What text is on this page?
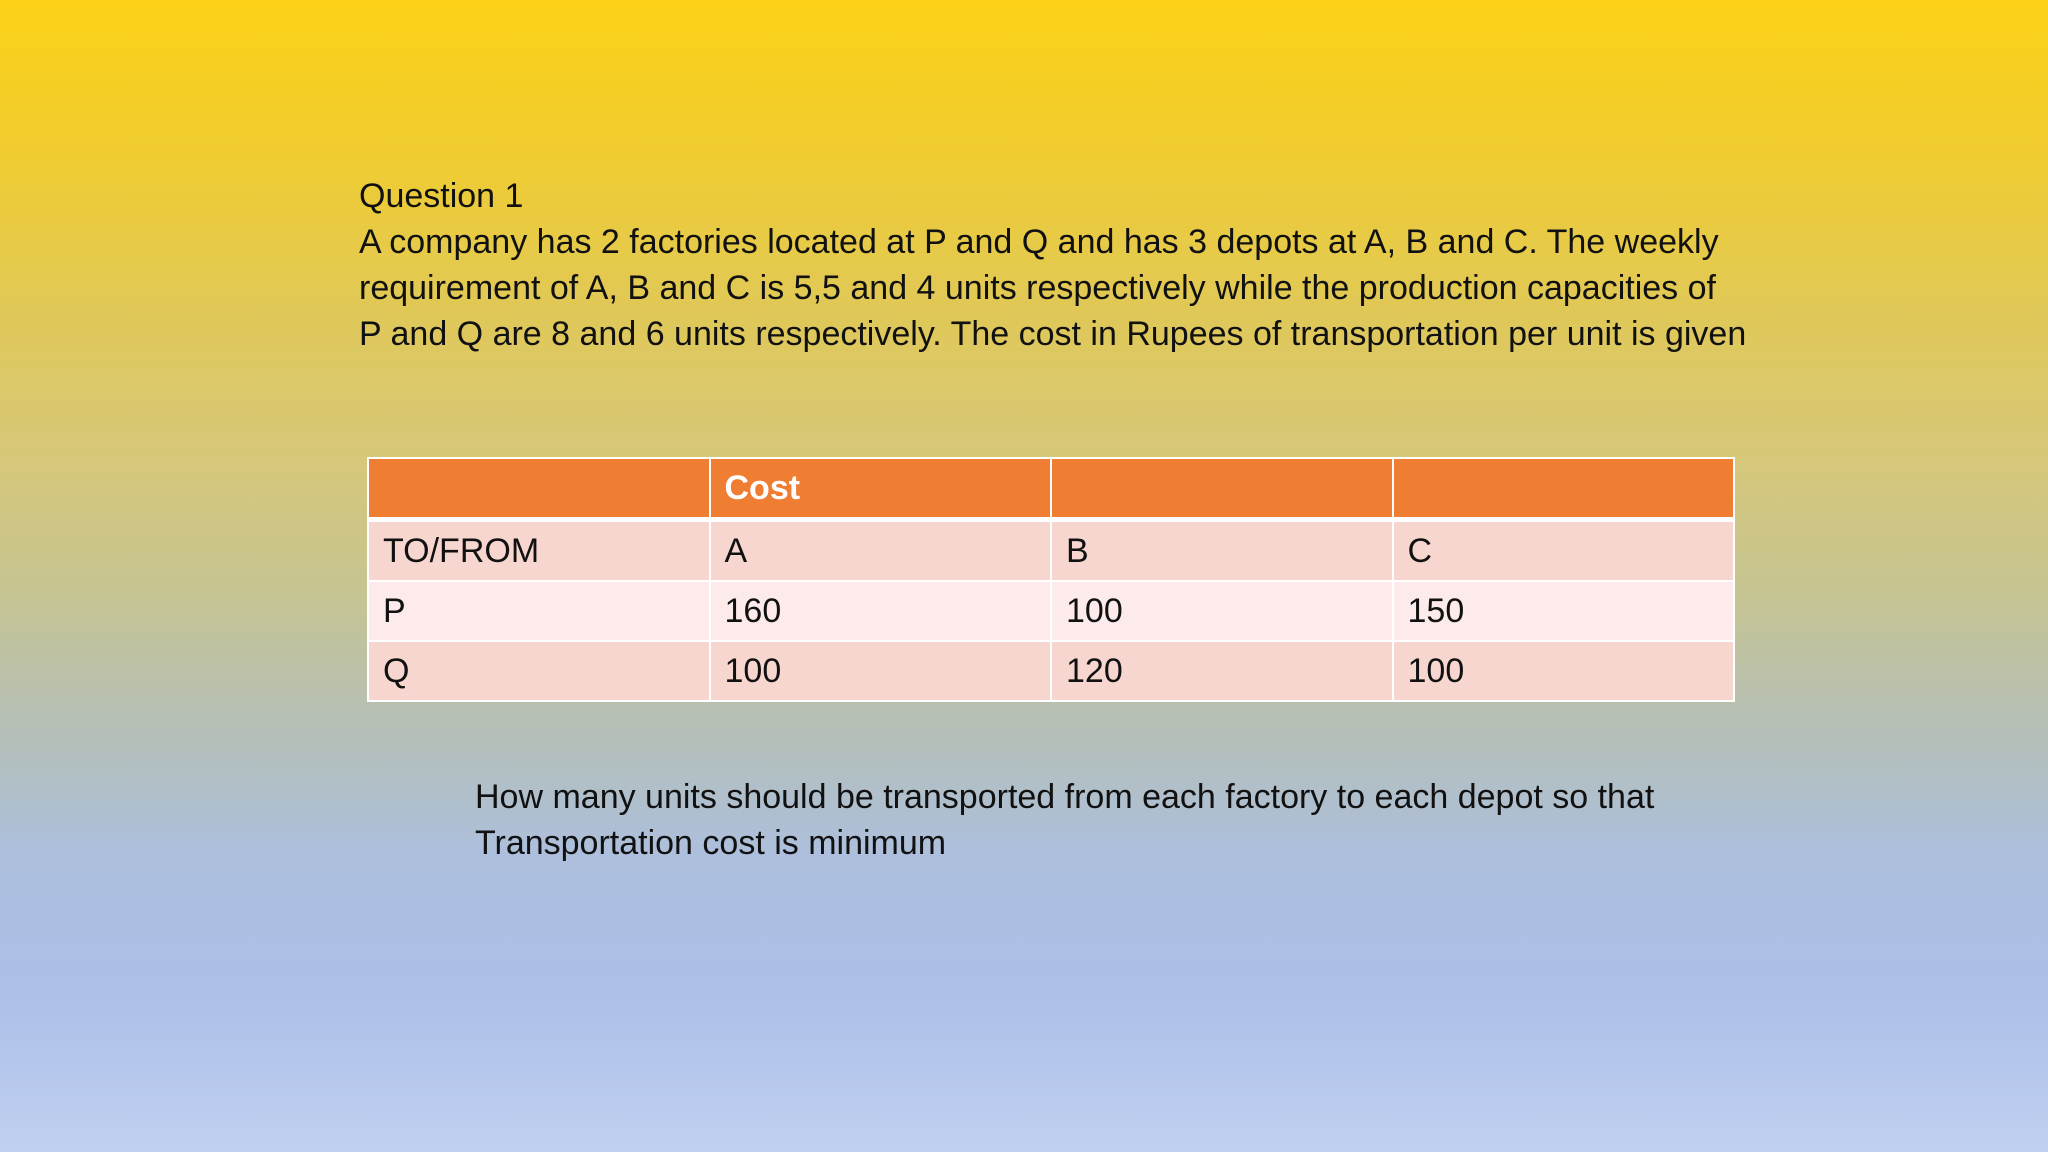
Question 1

A company has 2 factories located at P and Q and has 3 depots at A, B and C. The weekly

requirement of A, B and C is 5,5 and 4 units respectively while the production capacities of

P and Q are 8 and 6 units respectively. The cost in Rupees of transportation per unit is given

	Cost		
TO/FROM	A	B	C
P	160	100	150
Q	100	120	100

How many units should be transported from each factory to each depot so that

Transportation cost is minimum
